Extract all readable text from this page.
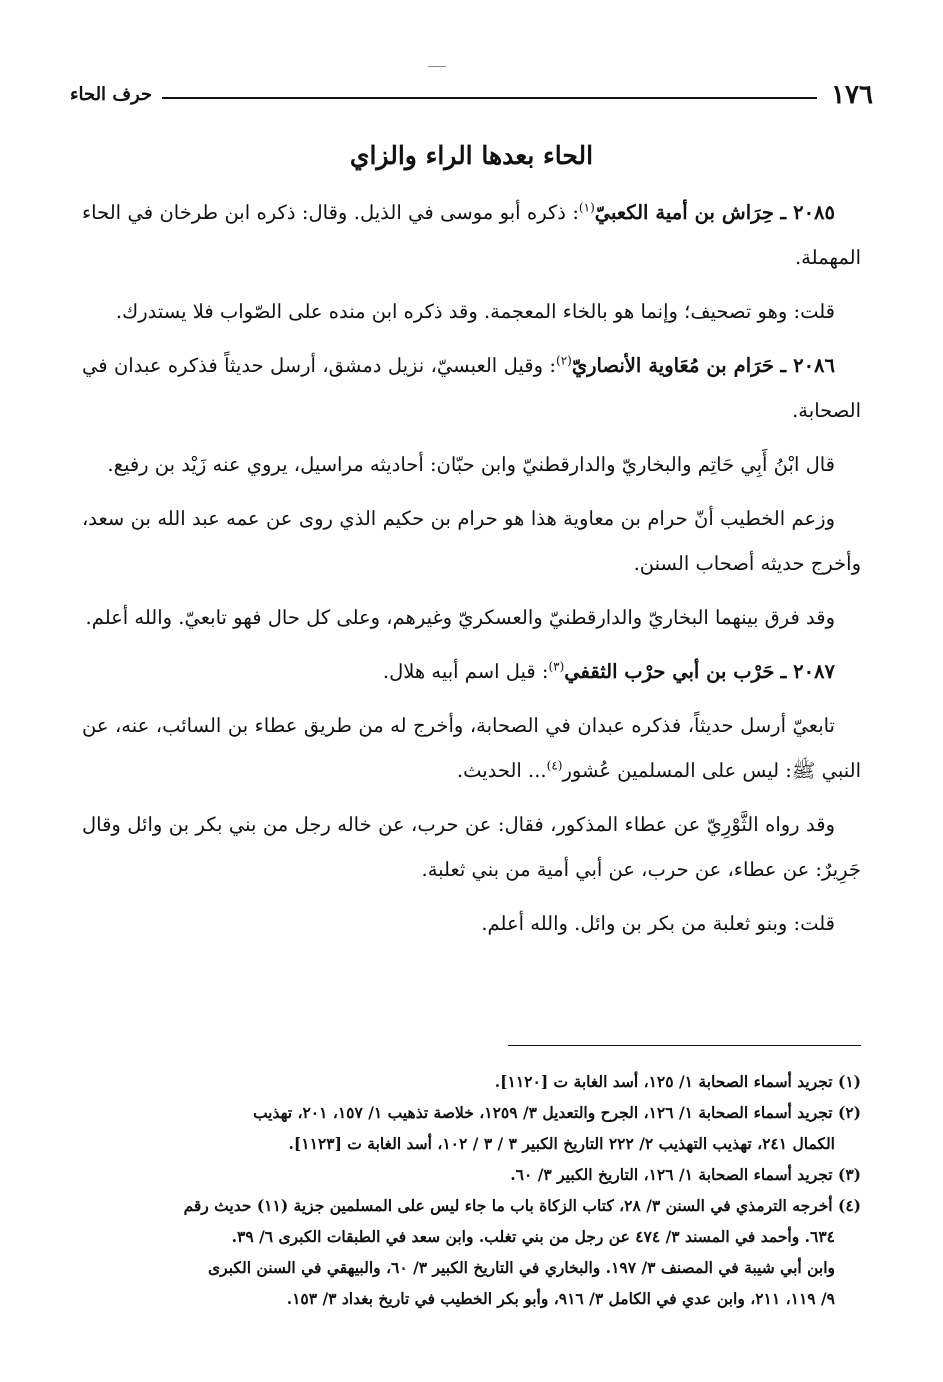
١٧٦
حرف الحاء
الحاء بعدها الراء والزاي

٢٠٨٥ ـ حِرَاش بن أمية الكعبيّ$^{(١)}$: ذكره أبو موسى في الذيل. وقال: ذكره ابن طرخان في الحاء المهملة.

قلت: وهو تصحيف؛ وإنما هو بالخاء المعجمة. وقد ذكره ابن منده على الصّواب فلا يستدرك.

٢٠٨٦ ـ حَرَام بن مُعَاوية الأنصاريّ$^{(٢)}$: وقيل العبسيّ، نزيل دمشق، أرسل حديثاً فذكره عبدان في الصحابة.

قال ابْنُ أَبِي حَاتِم والبخاريّ والدارقطنيّ وابن حبّان: أحاديثه مراسيل، يروي عنه زَيْد بن رفيع.

وزعم الخطيب أنّ حرام بن معاوية هذا هو حرام بن حكيم الذي روى عن عمه عبد الله بن سعد، وأخرج حديثه أصحاب السنن.

وقد فرق بينهما البخاريّ والدارقطنيّ والعسكريّ وغيرهم، وعلى كل حال فهو تابعيّ. والله أعلم.

٢٠٨٧ ـ حَرْب بن أبي حرْب الثقفي$^{(٣)}$: قيل اسم أبيه هلال.

تابعيّ أرسل حديثاً، فذكره عبدان في الصحابة، وأخرج له من طريق عطاء بن السائب، عنه، عن النبي ﷺ: ليس على المسلمين عُشور$^{(٤)}$... الحديث.

وقد رواه الثَّوْرِيّ عن عطاء المذكور، فقال: عن حرب، عن خاله رجل من بني بكر بن وائل وقال جَرِيرٌ: عن عطاء، عن حرب، عن أبي أمية من بني ثعلبة.

قلت: وبنو ثعلبة من بكر بن وائل. والله أعلم.

(١) تجريد أسماء الصحابة ١/ ١٢٥، أسد الغابة ت [١١٢٠].

(٢) تجريد أسماء الصحابة ١/ ١٢٦، الجرح والتعديل ٣/ ١٢٥٩، خلاصة تذهيب ١/ ١٥٧، ٢٠١، تهذيب

الكمال ٢٤١، تهذيب التهذيب ٢/ ٢٢٢ التاريخ الكبير ٣ / ٣ / ١٠٢، أسد الغابة ت [١١٢٣].

(٣) تجريد أسماء الصحابة ١/ ١٢٦، التاريخ الكبير ٣/ ٦٠.

(٤) أخرجه الترمذي في السنن ٣/ ٢٨، كتاب الزكاة باب ما جاء ليس على المسلمين جزية (١١) حديث رقم

٦٣٤. وأحمد في المسند ٣/ ٤٧٤ عن رجل من بني تغلب. وابن سعد في الطبقات الكبرى ٦/ ٣٩.

وابن أبي شيبة في المصنف ٣/ ١٩٧. والبخاري في التاريخ الكبير ٣/ ٦٠، والبيهقي في السنن الكبرى

٩/ ١١٩، ٢١١، وابن عدي في الكامل ٣/ ٩١٦، وأبو بكر الخطيب في تاريخ بغداد ٣/ ١٥٣.
